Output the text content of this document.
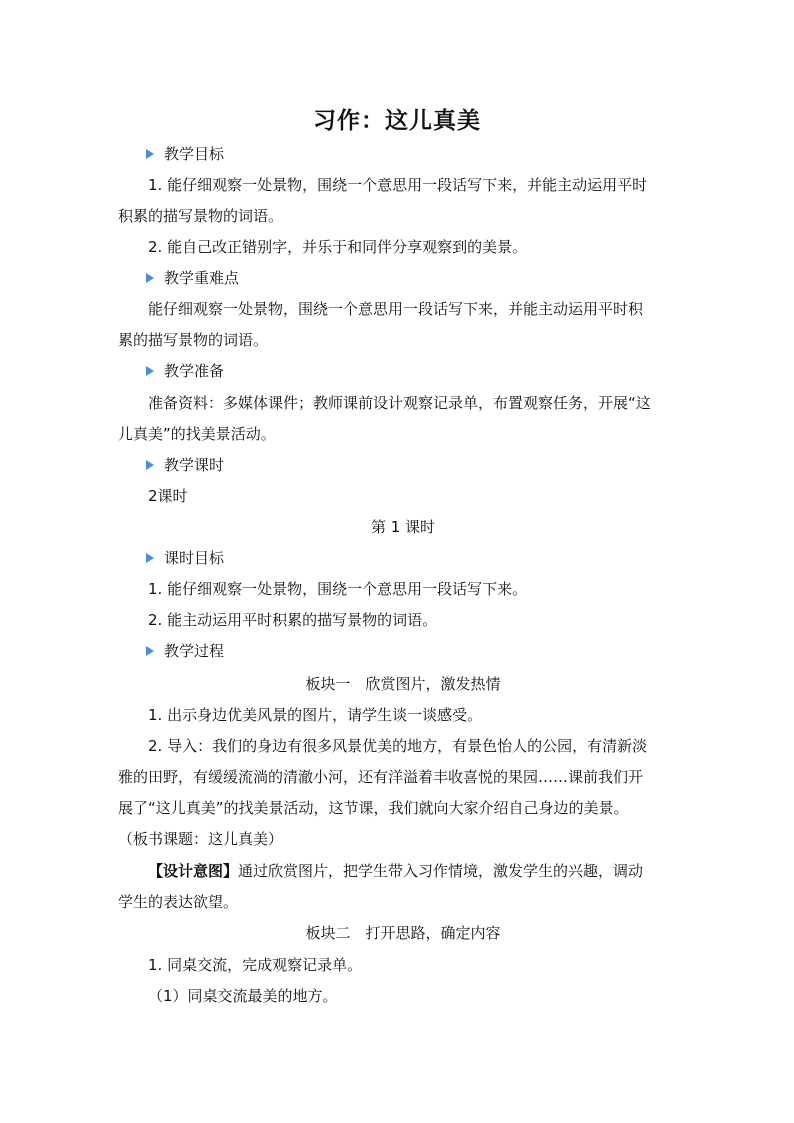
习作：这儿真美
教学目标
1. 能仔细观察一处景物，围绕一个意思用一段话写下来，并能主动运用平时
积累的描写景物的词语。
2. 能自己改正错别字，并乐于和同伴分享观察到的美景。
教学重难点
能仔细观察一处景物，围绕一个意思用一段话写下来，并能主动运用平时积
累的描写景物的词语。
教学准备
准备资料：多媒体课件；教师课前设计观察记录单，布置观察任务，开展“这
儿真美”的找美景活动。
教学课时
2课时
第 1 课时
课时目标
1. 能仔细观察一处景物，围绕一个意思用一段话写下来。
2. 能主动运用平时积累的描写景物的词语。
教学过程
板块一　欣赏图片，激发热情
1. 出示身边优美风景的图片，请学生谈一谈感受。
2. 导入：我们的身边有很多风景优美的地方，有景色怡人的公园，有清新淡
雅的田野，有缓缓流淌的清澈小河，还有洋溢着丰收喜悦的果园……课前我们开
展了“这儿真美”的找美景活动，这节课，我们就向大家介绍自己身边的美景。
（板书课题：这儿真美）
【设计意图】通过欣赏图片，把学生带入习作情境，激发学生的兴趣，调动
学生的表达欲望。
板块二　打开思路，确定内容
1. 同桌交流，完成观察记录单。
（1）同桌交流最美的地方。
